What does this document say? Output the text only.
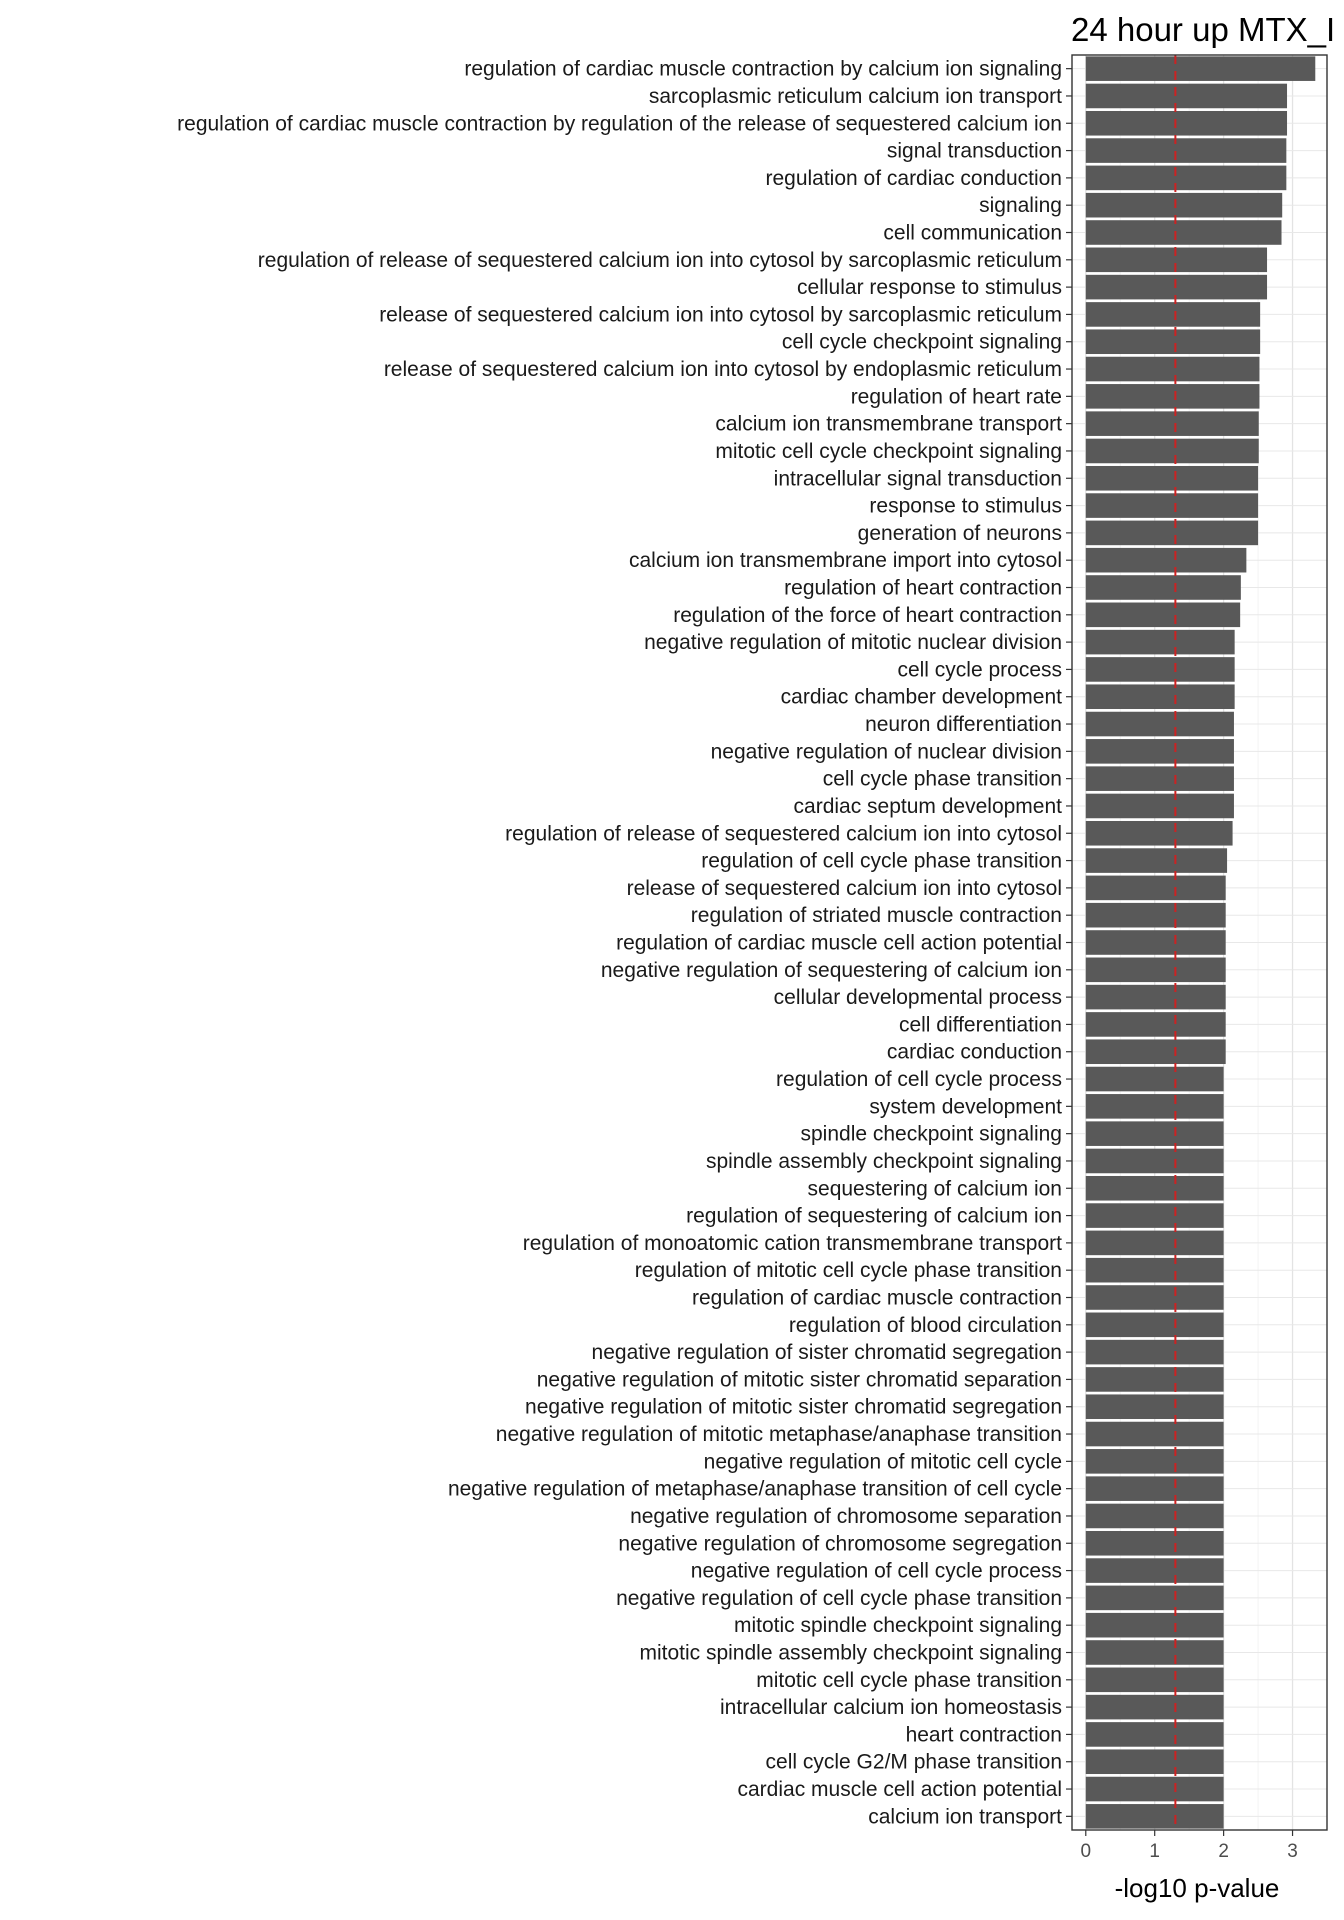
24 hour up MTX_I
regulation of cardiac muscle contraction by calcium ion signaling
sarcoplasmic reticulum calcium ion transport
regulation of cardiac muscle contraction by regulation of the release of sequestered calcium ion
signal transduction
regulation of cardiac conduction
signaling
cell communication
regulation of release of sequestered calcium ion into cytosol by sarcoplasmic reticulum
cellular response to stimulus
release of sequestered calcium ion into cytosol by sarcoplasmic reticulum
cell cycle checkpoint signaling
release of sequestered calcium ion into cytosol by endoplasmic reticulum
regulation of heart rate
calcium ion transmembrane transport
mitotic cell cycle checkpoint signaling
intracellular signal transduction
response to stimulus
generation of neurons
calcium ion transmembrane import into cytosol
regulation of heart contraction
regulation of the force of heart contraction
negative regulation of mitotic nuclear division
cell cycle process
cardiac chamber development
neuron differentiation
negative regulation of nuclear division
cell cycle phase transition
cardiac septum development
regulation of release of sequestered calcium ion into cytosol
regulation of cell cycle phase transition
release of sequestered calcium ion into cytosol
regulation of striated muscle contraction
regulation of cardiac muscle cell action potential
negative regulation of sequestering of calcium ion
cellular developmental process
cell differentiation
cardiac conduction
regulation of cell cycle process
system development
spindle checkpoint signaling
spindle assembly checkpoint signaling
sequestering of calcium ion
regulation of sequestering of calcium ion
regulation of monoatomic cation transmembrane transport
regulation of mitotic cell cycle phase transition
regulation of cardiac muscle contraction
regulation of blood circulation
negative regulation of sister chromatid segregation
negative regulation of mitotic sister chromatid separation
negative regulation of mitotic sister chromatid segregation
negative regulation of mitotic metaphase/anaphase transition
negative regulation of mitotic cell cycle
negative regulation of metaphase/anaphase transition of cell cycle
negative regulation of chromosome separation
negative regulation of chromosome segregation
negative regulation of cell cycle process
negative regulation of cell cycle phase transition
mitotic spindle checkpoint signaling
mitotic spindle assembly checkpoint signaling
mitotic cell cycle phase transition
intracellular calcium ion homeostasis
heart contraction
cell cycle G2/M phase transition
cardiac muscle cell action potential
calcium ion transport
0	1	2	3
-log10 p-value
